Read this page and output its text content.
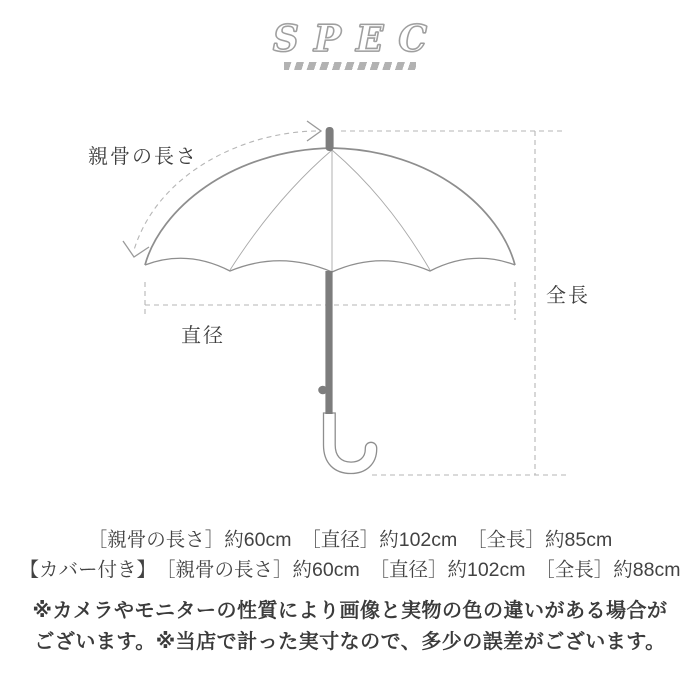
SPEC
親骨の長さ
直径
全長
［親骨の長さ］約60cm　［直径］約102cm　［全長］約85cm
【カバー付き】　［親骨の長さ］約60cm　［直径］約102cm　［全長］約88cm
※カメラやモニターの性質により画像と実物の色の違いがある場合が
ございます。※当店で計った実寸なので、多少の誤差がございます。
